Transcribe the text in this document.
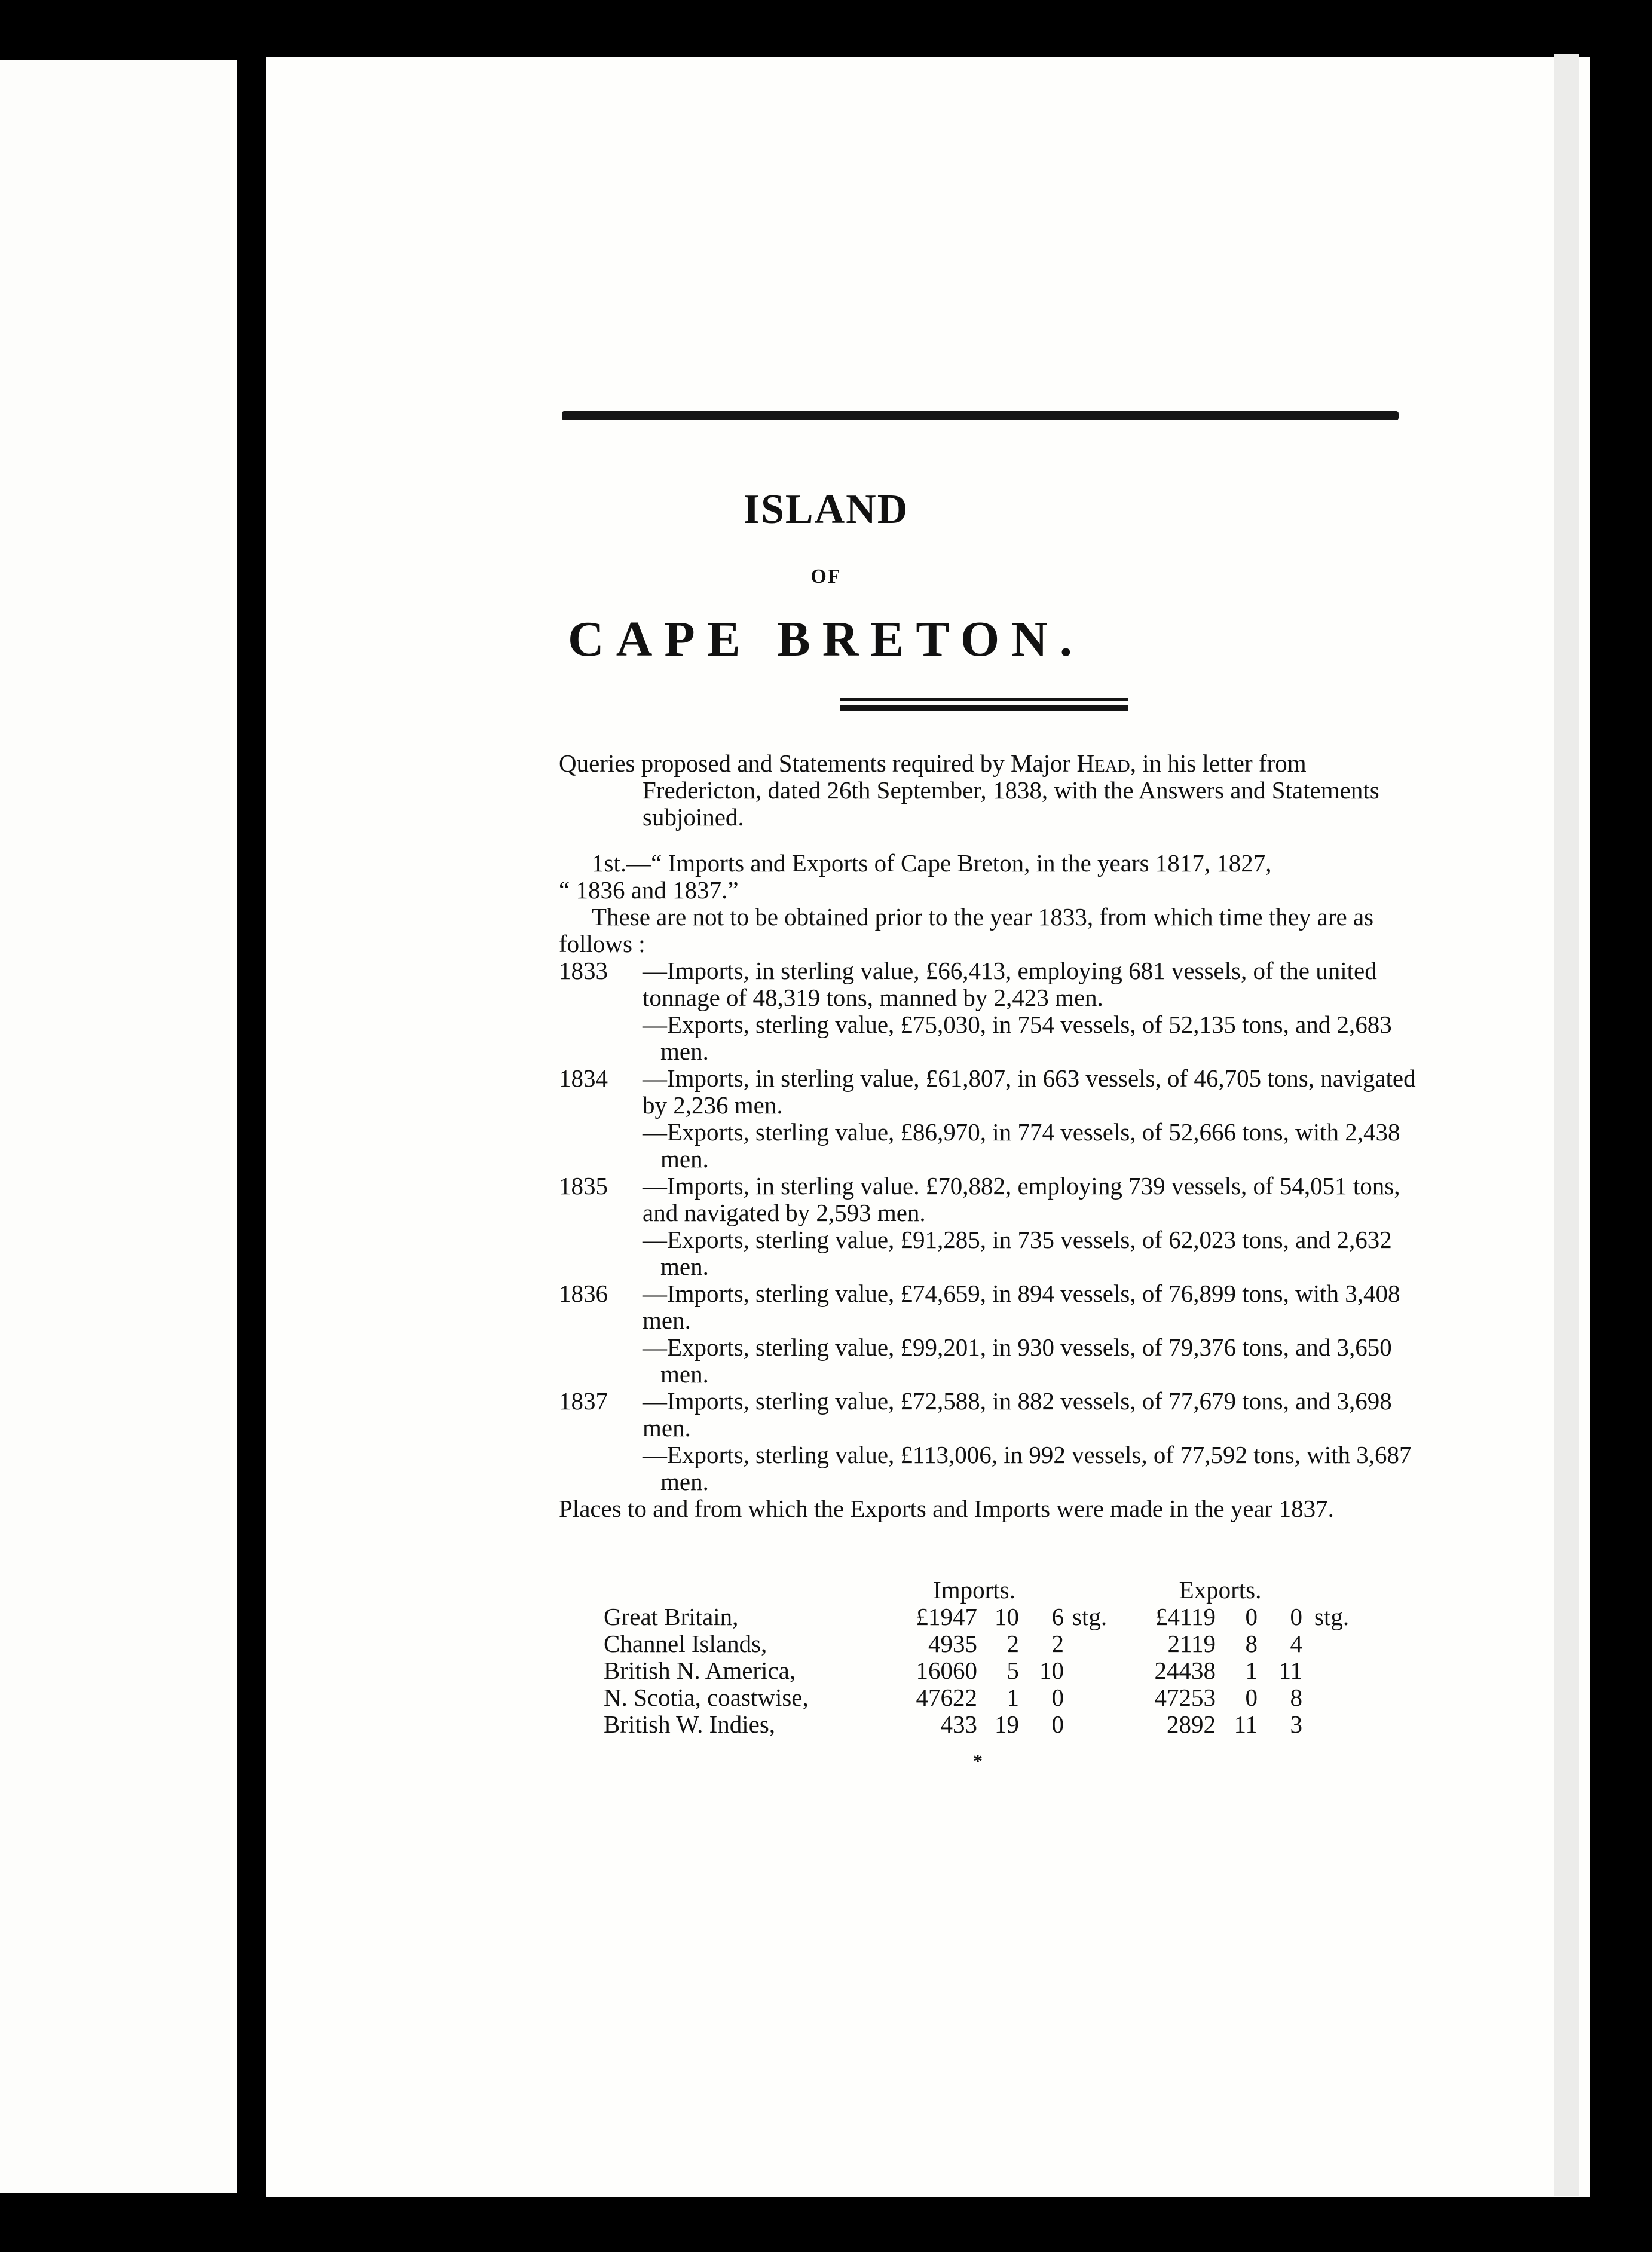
ISLAND
OF
CAPE BRETON.

Queries proposed and Statements required by Major Head, in his letter from Fredericton, dated 26th September, 1838, with the Answers and Statements subjoined.

1st.—“ Imports and Exports of Cape Breton, in the years 1817, 1827,

“ 1836 and 1837.”

These are not to be obtained prior to the year 1833, from which time they are as follows :

1833	—Imports, in sterling value, £66,413, employing 681 vessels, of the united tonnage of 48,319 tons, manned by 2,423 men.

—Exports, sterling value, £75,030, in 754 vessels, of 52,135 tons, and 2,683 men.

1834	—Imports, in sterling value, £61,807, in 663 vessels, of 46,705 tons, navigated by 2,236 men.

—Exports, sterling value, £86,970, in 774 vessels, of 52,666 tons, with 2,438 men.

1835	—Imports, in sterling value. £70,882, employing 739 vessels, of 54,051 tons, and navigated by 2,593 men.

—Exports, sterling value, £91,285, in 735 vessels, of 62,023 tons, and 2,632 men.

1836	—Imports, sterling value, £74,659, in 894 vessels, of 76,899 tons, with 3,408 men.

—Exports, sterling value, £99,201, in 930 vessels, of 79,376 tons, and 3,650 men.

1837	—Imports, sterling value, £72,588, in 882 vessels, of 77,679 tons, and 3,698 men.

—Exports, sterling value, £113,006, in 992 vessels, of 77,592 tons, with 3,687 men.

Places to and from which the Exports and Imports were made in the year 1837.

	Imports.				Exports.			
Great Britain,	£1947	10	6	stg.	£4119	0	0	stg.
Channel Islands,	4935	2	2		2119	8	4	
British N. America,	16060	5	10		24438	1	11	
N. Scotia, coastwise,	47622	1	0		47253	0	8	
British W. Indies,	433	19	0		2892	11	3	
*
